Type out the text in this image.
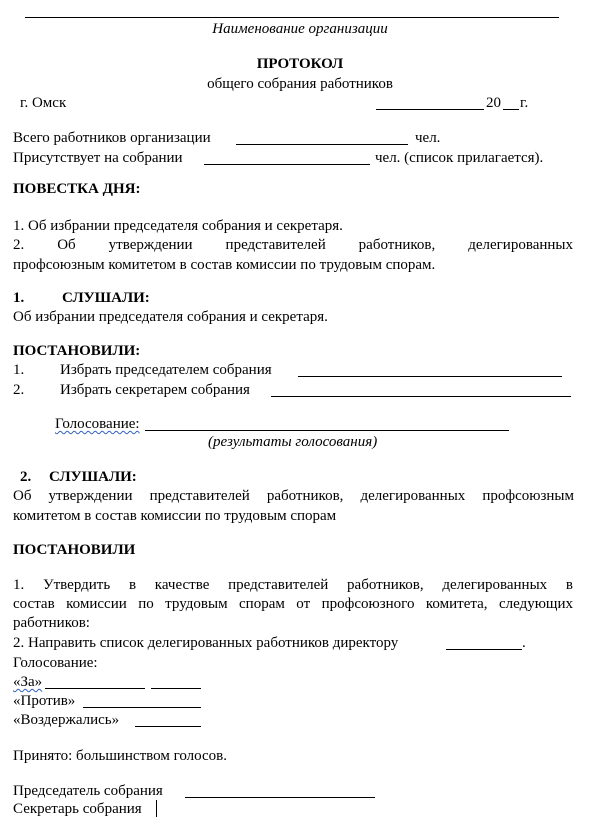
Наименование организации
ПРОТОКОЛ
общего собрания работников
г. Омск	20 г.
Всего работников организации	чел.
Присутствует на собрании	чел. (список прилагается).
ПОВЕСТКА ДНЯ:
1. Об избрании председателя собрания и секретаря.
2. Об утверждении представителей работников, делегированных
профсоюзным комитетом в состав комиссии по трудовым спорам.
1.	СЛУШАЛИ:
Об избрании председателя собрания и секретаря.
ПОСТАНОВИЛИ:
1. Избрать председателем собрания
2. Избрать секретарем собрания
Голосование:
(результаты голосования)
2. СЛУШАЛИ:
Об утверждении представителей работников, делегированных профсоюзным
комитетом в состав комиссии по трудовым спорам
ПОСТАНОВИЛИ
1. Утвердить в качестве представителей работников, делегированных в
состав комиссии по трудовым спорам от профсоюзного комитета, следующих
работников:
2. Направить список делегированных работников директору	.
Голосование:
«За»
«Против»
«Воздержались»
Принято: большинством голосов.
Председатель собрания
Секретарь собрания
